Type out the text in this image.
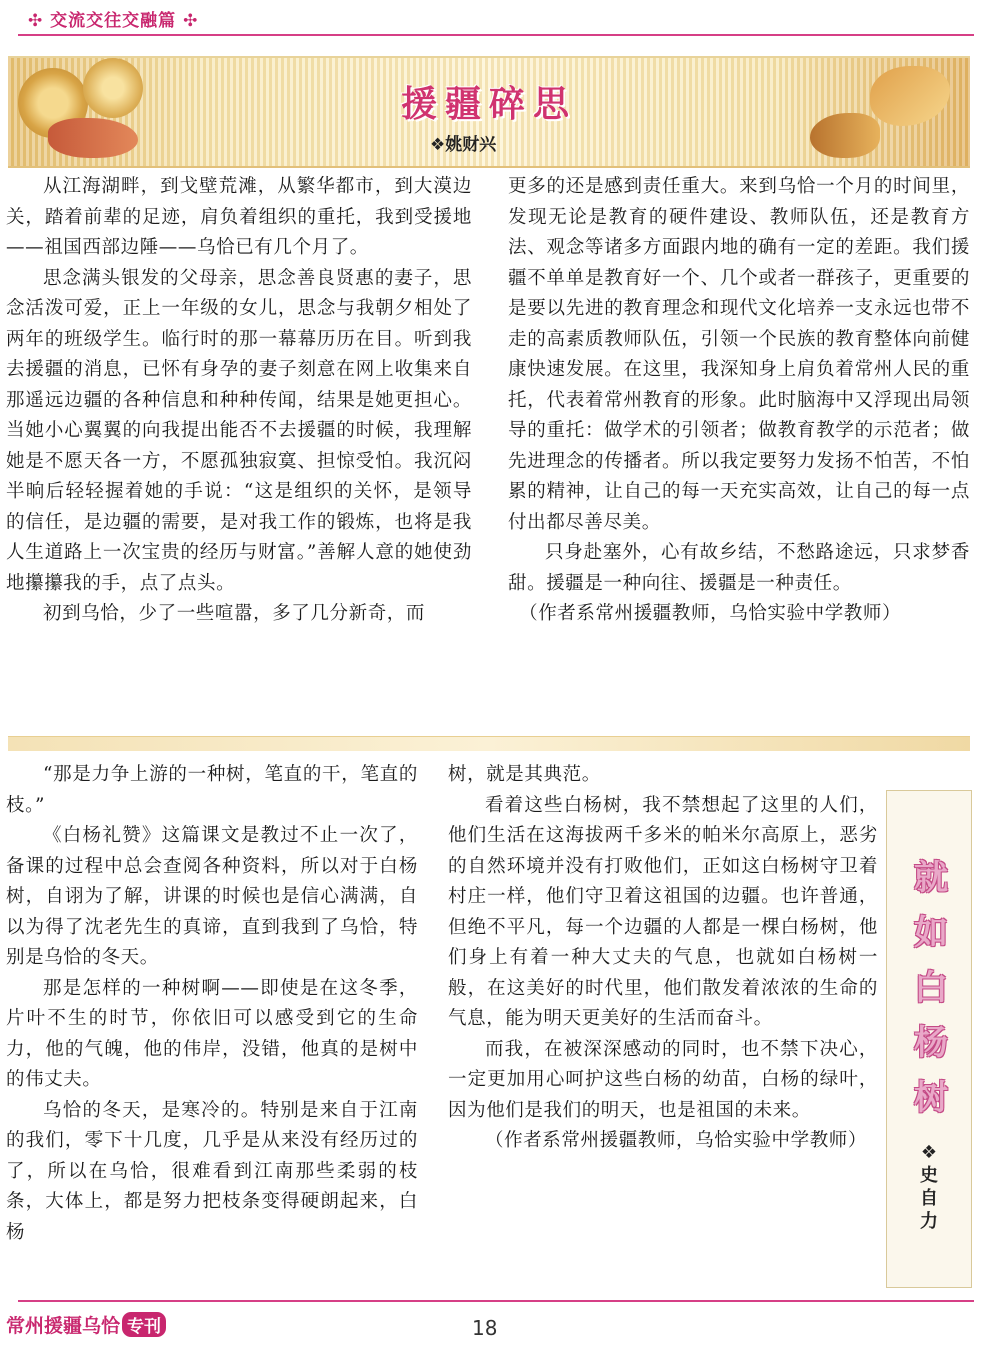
✣ 交流交往交融篇 ✣
援疆碎思
❖姚财兴

从江海湖畔，到戈壁荒滩，从繁华都市，到大漠边关，踏着前辈的足迹，肩负着组织的重托，我到受援地——祖国西部边陲——乌恰已有几个月了。

思念满头银发的父母亲，思念善良贤惠的妻子，思念活泼可爱，正上一年级的女儿，思念与我朝夕相处了两年的班级学生。临行时的那一幕幕历历在目。听到我去援疆的消息，已怀有身孕的妻子刻意在网上收集来自那遥远边疆的各种信息和种种传闻，结果是她更担心。当她小心翼翼的向我提出能否不去援疆的时候，我理解她是不愿天各一方，不愿孤独寂寞、担惊受怕。我沉闷半晌后轻轻握着她的手说：“这是组织的关怀，是领导的信任，是边疆的需要，是对我工作的锻炼，也将是我人生道路上一次宝贵的经历与财富。”善解人意的她使劲地攥攥我的手，点了点头。

初到乌恰，少了一些喧嚣，多了几分新奇，而

更多的还是感到责任重大。来到乌恰一个月的时间里，发现无论是教育的硬件建设、教师队伍，还是教育方法、观念等诸多方面跟内地的确有一定的差距。我们援疆不单单是教育好一个、几个或者一群孩子，更重要的是要以先进的教育理念和现代文化培养一支永远也带不走的高素质教师队伍，引领一个民族的教育整体向前健康快速发展。在这里，我深知身上肩负着常州人民的重托，代表着常州教育的形象。此时脑海中又浮现出局领导的重托：做学术的引领者；做教育教学的示范者；做先进理念的传播者。所以我定要努力发扬不怕苦，不怕累的精神，让自己的每一天充实高效，让自己的每一点付出都尽善尽美。

只身赴塞外，心有故乡结，不愁路途远，只求梦香甜。援疆是一种向往、援疆是一种责任。

（作者系常州援疆教师，乌恰实验中学教师）

“那是力争上游的一种树，笔直的干，笔直的枝。”

《白杨礼赞》这篇课文是教过不止一次了，备课的过程中总会查阅各种资料，所以对于白杨树，自诩为了解，讲课的时候也是信心满满，自以为得了沈老先生的真谛，直到我到了乌恰，特别是乌恰的冬天。

那是怎样的一种树啊——即使是在这冬季，片叶不生的时节，你依旧可以感受到它的生命力，他的气魄，他的伟岸，没错，他真的是树中的伟丈夫。

乌恰的冬天，是寒冷的。特别是来自于江南的我们，零下十几度，几乎是从来没有经历过的了，所以在乌恰，很难看到江南那些柔弱的枝条，大体上，都是努力把枝条变得硬朗起来，白杨

树，就是其典范。

看着这些白杨树，我不禁想起了这里的人们，他们生活在这海拔两千多米的帕米尔高原上，恶劣的自然环境并没有打败他们，正如这白杨树守卫着村庄一样，他们守卫着这祖国的边疆。也许普通，但绝不平凡，每一个边疆的人都是一棵白杨树，他们身上有着一种大丈夫的气息，也就如白杨树一般，在这美好的时代里，他们散发着浓浓的生命的气息，能为明天更美好的生活而奋斗。

而我，在被深深感动的同时，也不禁下决心，一定更加用心呵护这些白杨的幼苗，白杨的绿叶，因为他们是我们的明天，也是祖国的未来。

（作者系常州援疆教师，乌恰实验中学教师）

就如白杨树
❖史自力
常州援疆乌恰 专刊	18
